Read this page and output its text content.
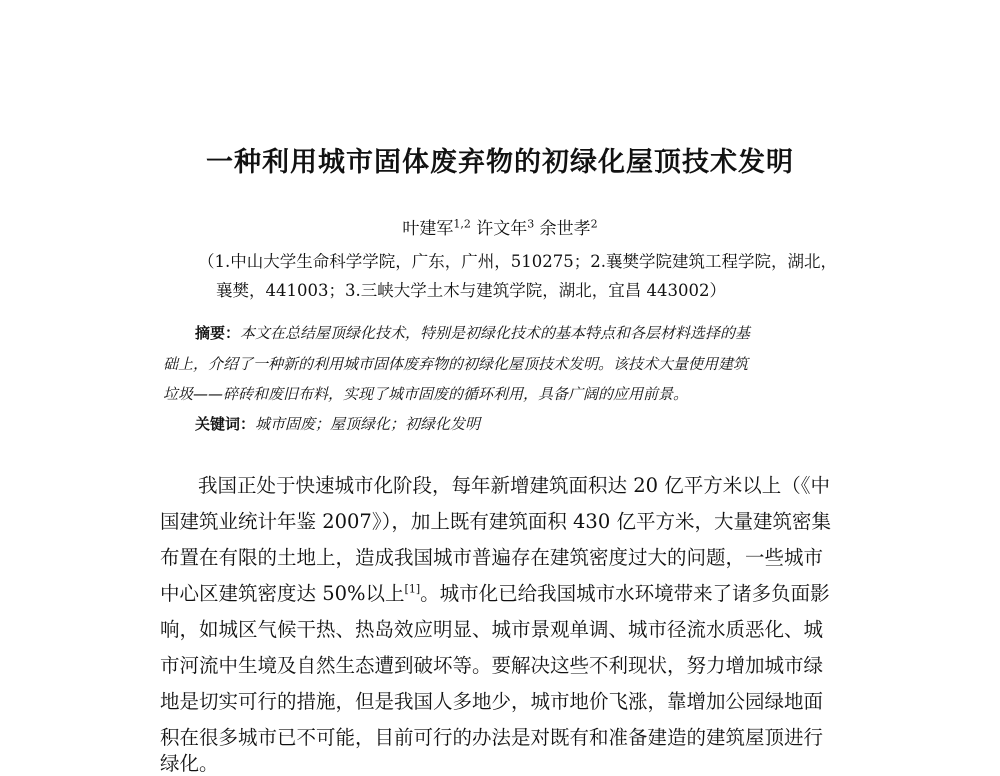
一种利用城市固体废弃物的初绿化屋顶技术发明
叶建军$^{1,2}$ 许文年$^3$ 余世孝$^2$
（1.中山大学生命科学学院，广东，广州，510275；2.襄樊学院建筑工程学院，湖北，
襄樊，441003；3.三峡大学土木与建筑学院，湖北，宜昌 443002）
摘要：本文在总结屋顶绿化技术，特别是初绿化技术的基本特点和各层材料选择的基
础上，介绍了一种新的利用城市固体废弃物的初绿化屋顶技术发明。该技术大量使用建筑
垃圾——碎砖和废旧布料，实现了城市固废的循环利用，具备广阔的应用前景。
关键词：城市固废；屋顶绿化；初绿化发明
我国正处于快速城市化阶段，每年新增建筑面积达 20 亿平方米以上（《中
国建筑业统计年鉴 2007》），加上既有建筑面积 430 亿平方米，大量建筑密集
布置在有限的土地上，造成我国城市普遍存在建筑密度过大的问题，一些城市
中心区建筑密度达 50%以上[1]。城市化已给我国城市水环境带来了诸多负面影
响，如城区气候干热、热岛效应明显、城市景观单调、城市径流水质恶化、城
市河流中生境及自然生态遭到破坏等。要解决这些不利现状，努力增加城市绿
地是切实可行的措施，但是我国人多地少，城市地价飞涨，靠增加公园绿地面
积在很多城市已不可能，目前可行的办法是对既有和准备建造的建筑屋顶进行
绿化。
